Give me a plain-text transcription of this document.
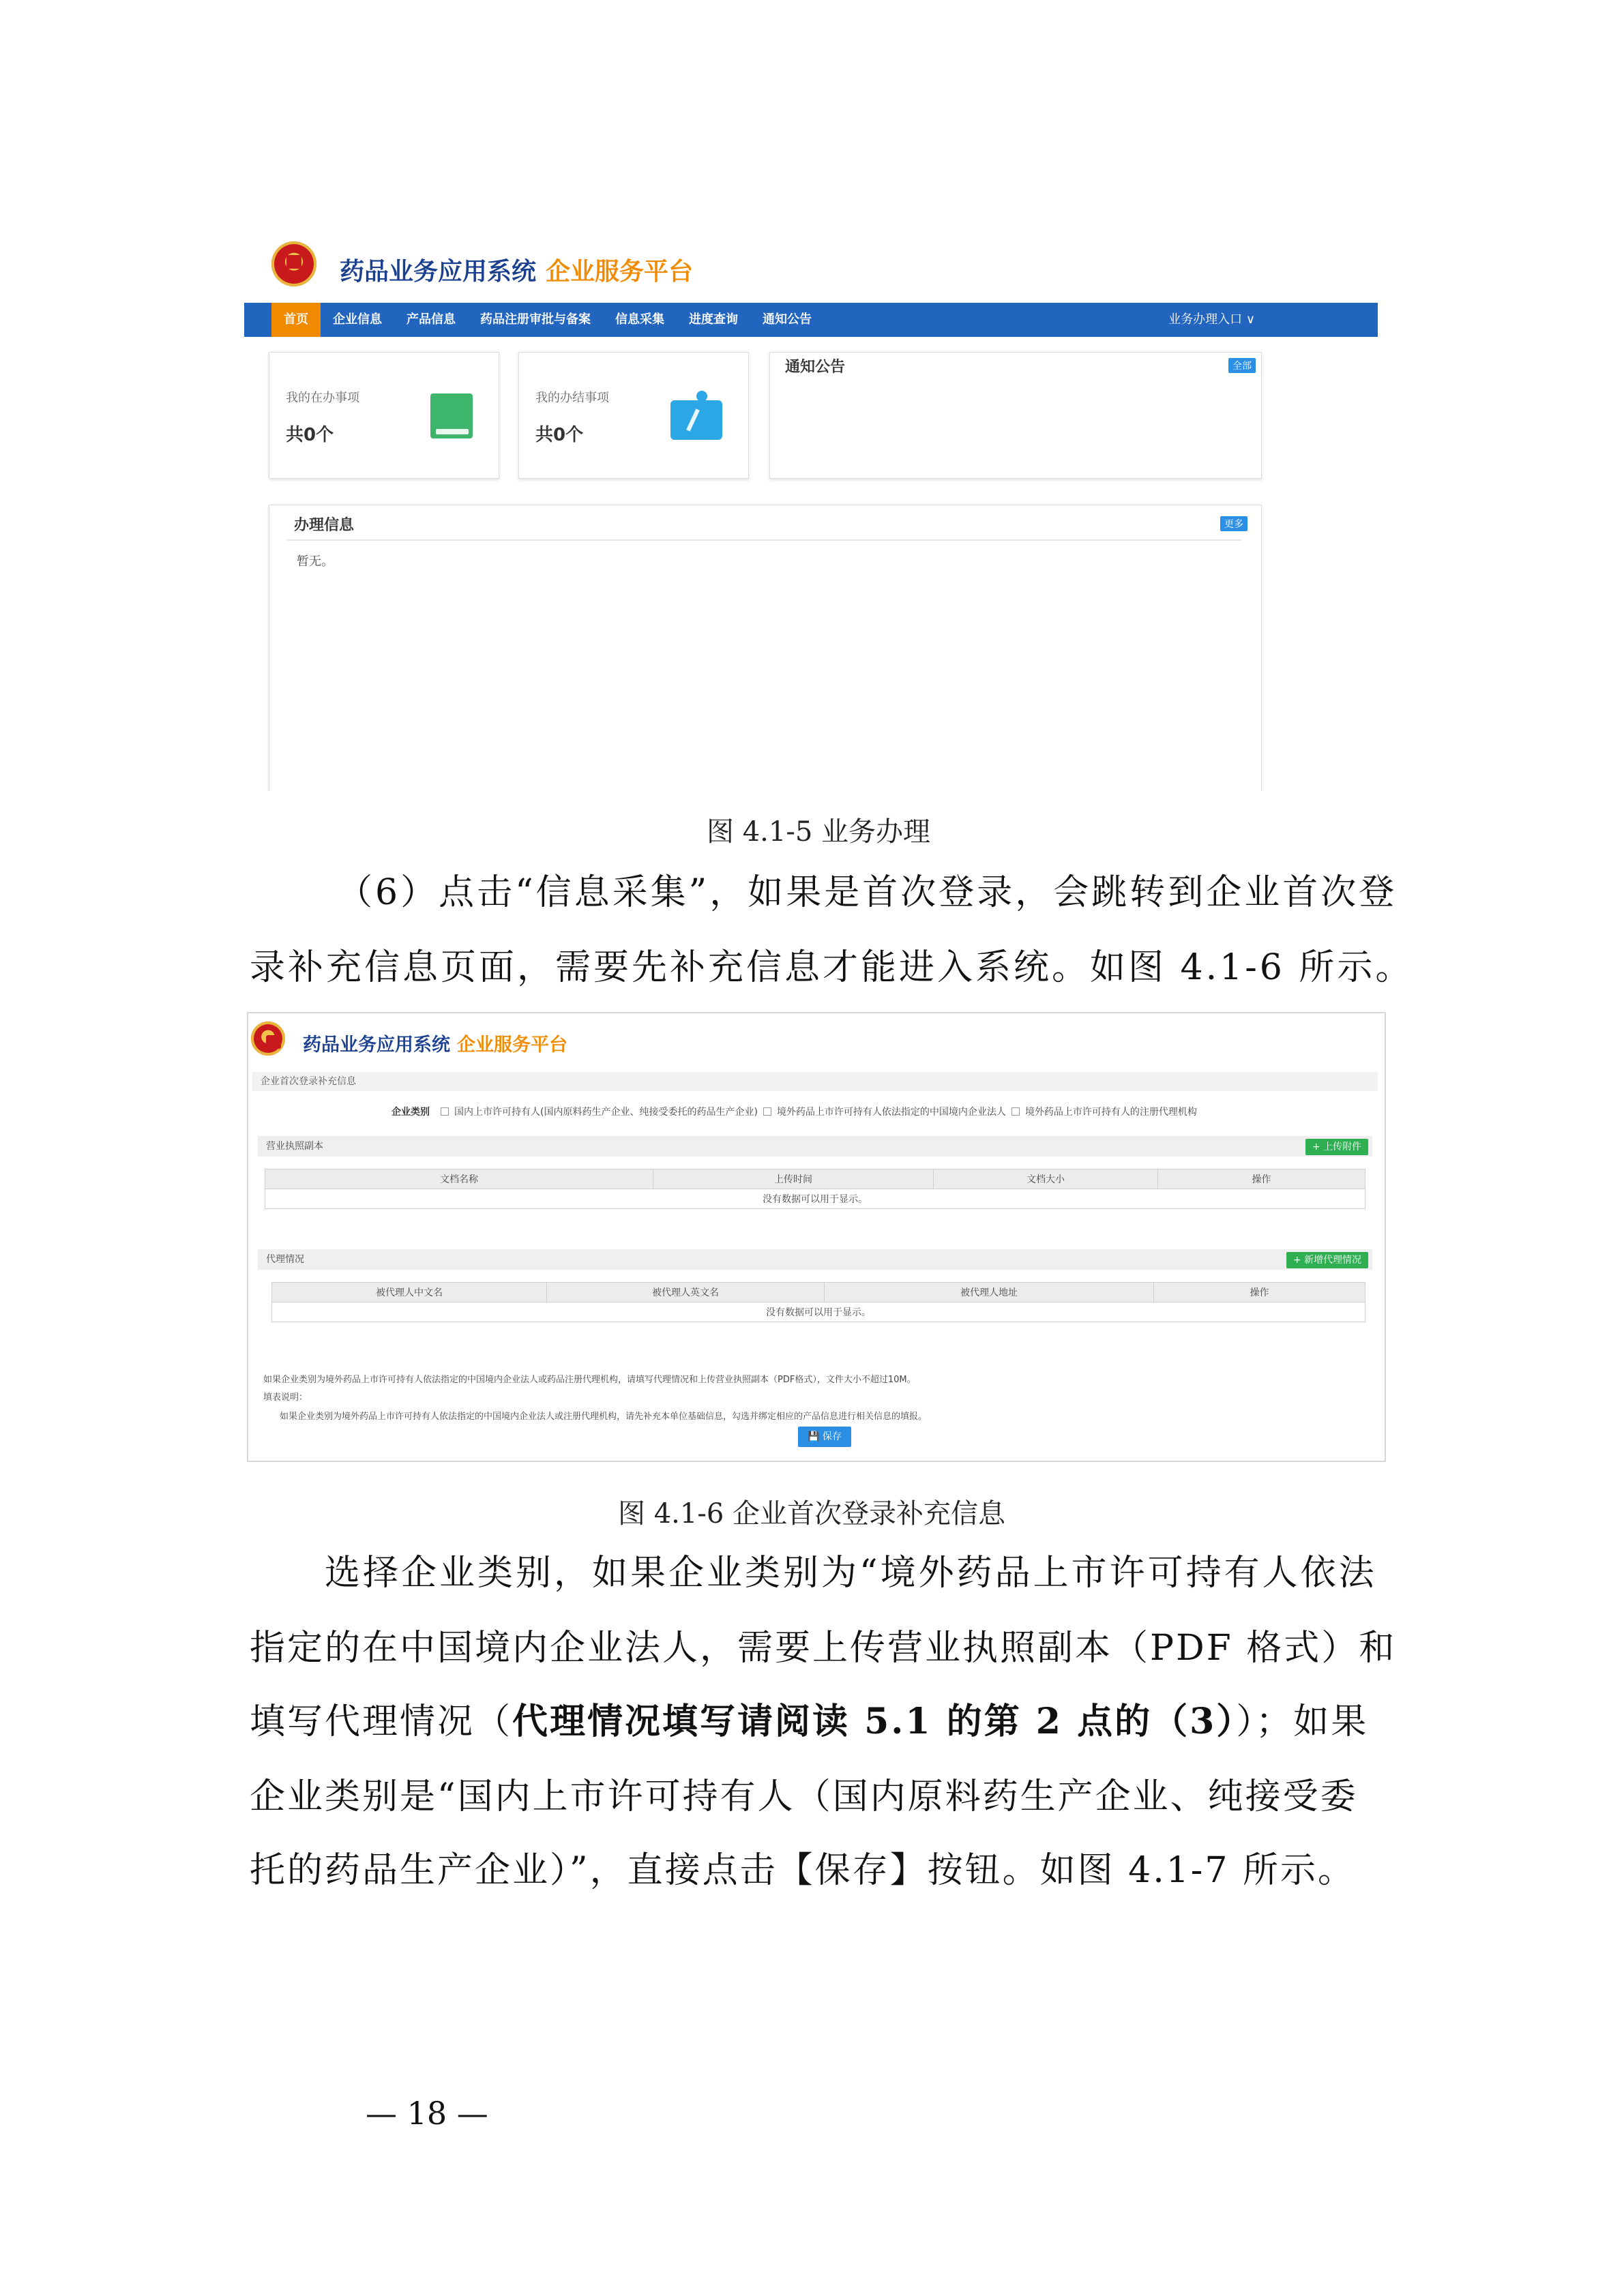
药品业务应用系统 企业服务平台
首页	企业信息	产品信息	药品注册审批与备案	信息采集	进度查询	通知公告	业务办理入口 ∨
我的在办事项
共0个
我的办结事项
共0个
通知公告	全部
办理信息	更多
暂无。
图 4.1-5 业务办理
（6）点击“信息采集”，如果是首次登录，会跳转到企业首次登
录补充信息页面，需要先补充信息才能进入系统。如图 4.1-6 所示。
药品业务应用系统 企业服务平台
企业首次登录补充信息
企业类别	国内上市许可持有人(国内原料药生产企业、纯接受委托的药品生产企业) 境外药品上市许可持有人依法指定的中国境内企业法人 境外药品上市许可持有人的注册代理机构
营业执照副本	+ 上传附件
文档名称	上传时间	文档大小	操作
没有数据可以用于显示。
代理情况	+ 新增代理情况
被代理人中文名	被代理人英文名	被代理人地址	操作
没有数据可以用于显示。
如果企业类别为境外药品上市许可持有人依法指定的中国境内企业法人或药品注册代理机构，请填写代理情况和上传营业执照副本（PDF格式），文件大小不超过10M。
填表说明：
如果企业类别为境外药品上市许可持有人依法指定的中国境内企业法人或注册代理机构，请先补充本单位基础信息，勾选并绑定相应的产品信息进行相关信息的填报。
💾 保存
图 4.1-6 企业首次登录补充信息
选择企业类别，如果企业类别为“境外药品上市许可持有人依法
指定的在中国境内企业法人，需要上传营业执照副本（PDF 格式）和
填写代理情况（代理情况填写请阅读 5.1 的第 2 点的（3））；如果
企业类别是“国内上市许可持有人（国内原料药生产企业、纯接受委
托的药品生产企业）”，直接点击【保存】按钮。如图 4.1-7 所示。
— 18 —
